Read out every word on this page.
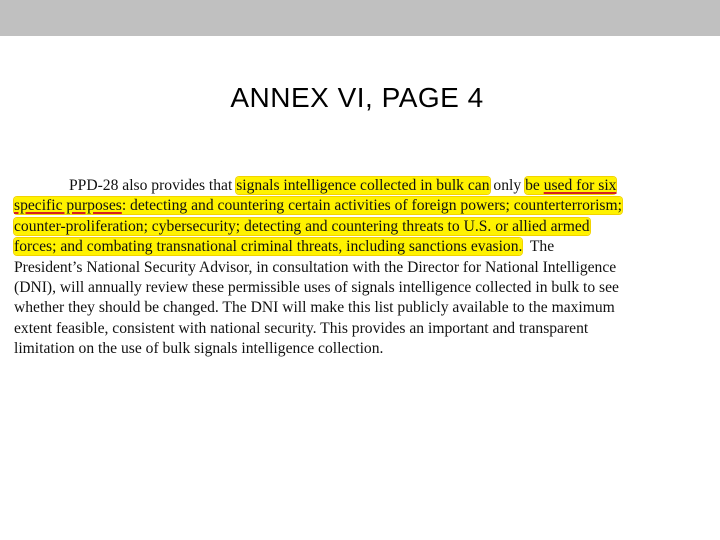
ANNEX VI, PAGE 4
PPD-28 also provides that signals intelligence collected in bulk can only be used for six
specific purposes: detecting and countering certain activities of foreign powers; counterterrorism;
counter-proliferation; cybersecurity; detecting and countering threats to U.S. or allied armed
forces; and combating transnational criminal threats, including sanctions evasion.  The
President’s National Security Advisor, in consultation with the Director for National Intelligence
(DNI), will annually review these permissible uses of signals intelligence collected in bulk to see
whether they should be changed. The DNI will make this list publicly available to the maximum
extent feasible, consistent with national security. This provides an important and transparent
limitation on the use of bulk signals intelligence collection.
